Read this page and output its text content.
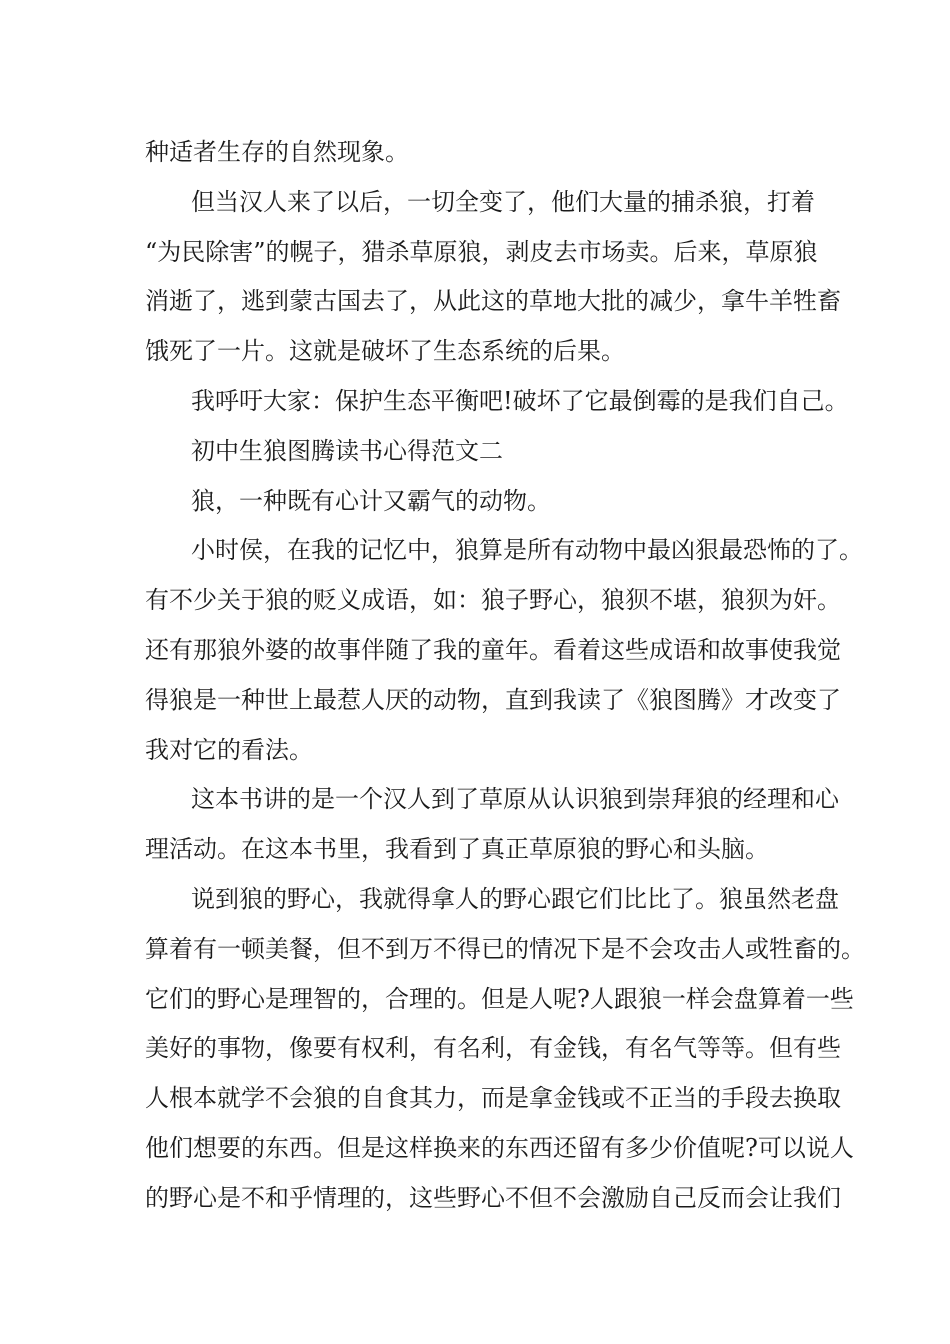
种适者生存的自然现象。
但当汉人来了以后，一切全变了，他们大量的捕杀狼，打着
“为民除害”的幌子，猎杀草原狼，剥皮去市场卖。后来，草原狼
消逝了，逃到蒙古国去了，从此这的草地大批的减少，拿牛羊牲畜
饿死了一片。这就是破坏了生态系统的后果。
我呼吁大家：保护生态平衡吧!破坏了它最倒霉的是我们自己。
初中生狼图腾读书心得范文二
狼，一种既有心计又霸气的动物。
小时侯，在我的记忆中，狼算是所有动物中最凶狠最恐怖的了。
有不少关于狼的贬义成语，如：狼子野心，狼狈不堪，狼狈为奸。
还有那狼外婆的故事伴随了我的童年。看着这些成语和故事使我觉
得狼是一种世上最惹人厌的动物，直到我读了《狼图腾》才改变了
我对它的看法。
这本书讲的是一个汉人到了草原从认识狼到崇拜狼的经理和心
理活动。在这本书里，我看到了真正草原狼的野心和头脑。
说到狼的野心，我就得拿人的野心跟它们比比了。狼虽然老盘
算着有一顿美餐，但不到万不得已的情况下是不会攻击人或牲畜的。
它们的野心是理智的，合理的。但是人呢?人跟狼一样会盘算着一些
美好的事物，像要有权利，有名利，有金钱，有名气等等。但有些
人根本就学不会狼的自食其力，而是拿金钱或不正当的手段去换取
他们想要的东西。但是这样换来的东西还留有多少价值呢?可以说人
的野心是不和乎情理的，这些野心不但不会激励自己反而会让我们
